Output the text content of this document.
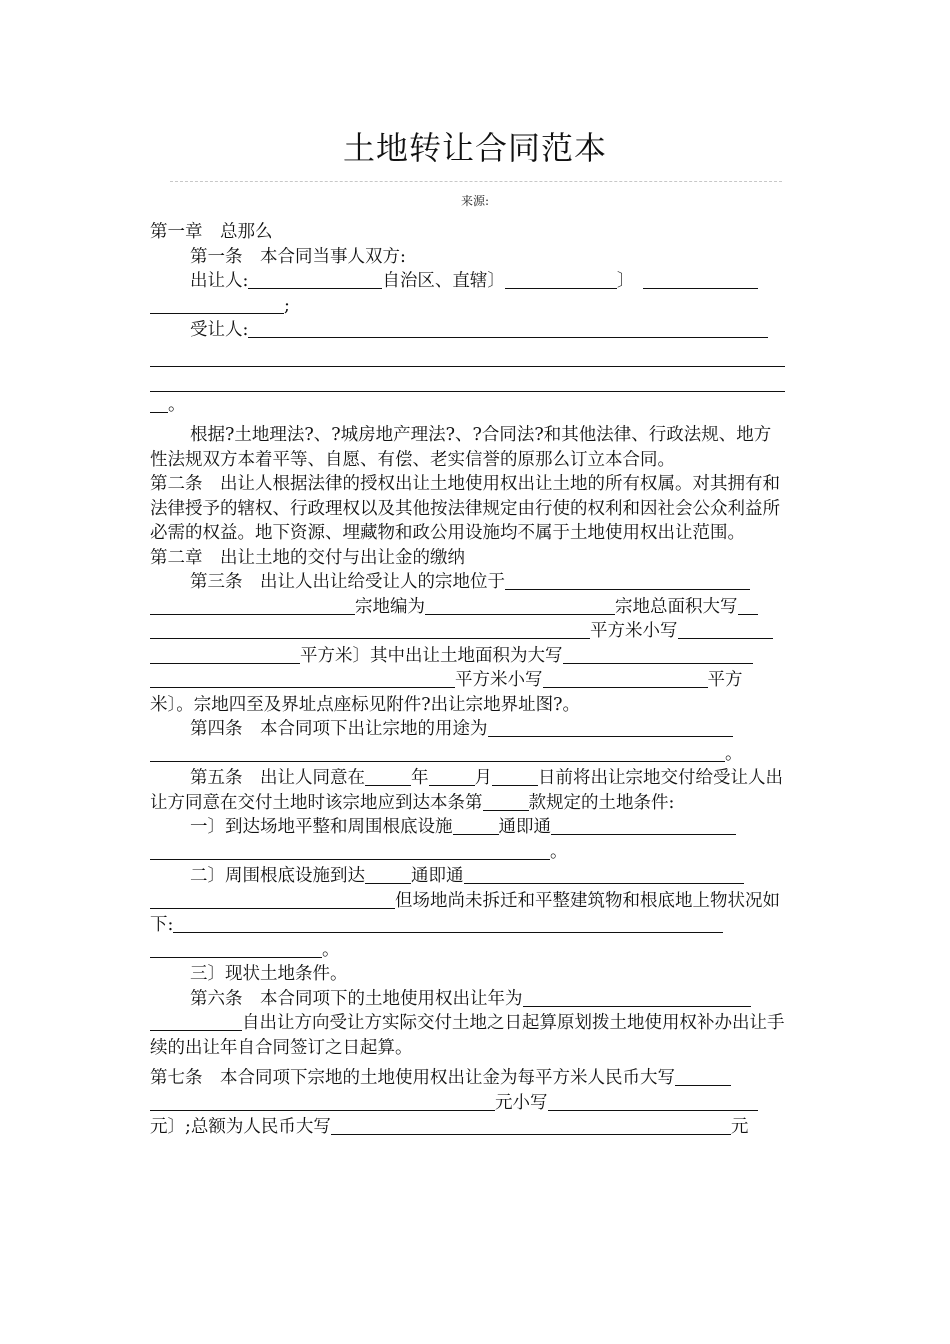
土地转让合同范本
来源:

第一章　总那么

第一条　本合同当事人双方:

出让人:	自治区、直辖〕	〕 ;

受让人:

。

根据?土地理法?、?城房地产理法?、?合同法?和其他法律、行政法规、地方性法规双方本着平等、自愿、有偿、老实信誉的原那么订立本合同。

第二条　出让人根据法律的授权出让土地使用权出让土地的所有权属。对其拥有和法律授予的辖权、行政理权以及其他按法律规定由行使的权利和因社会公众利益所必需的权益。地下资源、埋藏物和政公用设施均不属于土地使用权出让范围。

第二章　出让土地的交付与出让金的缴纳

第三条　出让人出让给受让人的宗地位于宗地编为	宗地总面积大写平方米小写平方米〕其中出让土地面积为大写平方米小写	平方米〕。宗地四至及界址点座标见附件?出让宗地界址图?。

第四条　本合同项下出让宗地的用途为。

第五条　出让人同意在	年	月	日前将出让宗地交付给受让人出让方同意在交付土地时该宗地应到达本条第	款规定的土地条件:

一〕到达场地平整和周围根底设施	通即通。

二〕周围根底设施到达	通即通但场地尚未拆迁和平整建筑物和根底地上物状况如下:。

三〕现状土地条件。

第六条　本合同项下的土地使用权出让年为自出让方向受让方实际交付土地之日起算原划拨土地使用权补办出让手续的出让年自合同签订之日起算。

第七条　本合同项下宗地的土地使用权出让金为每平方米人民币大写元小写元〕;总额为人民币大写	元
